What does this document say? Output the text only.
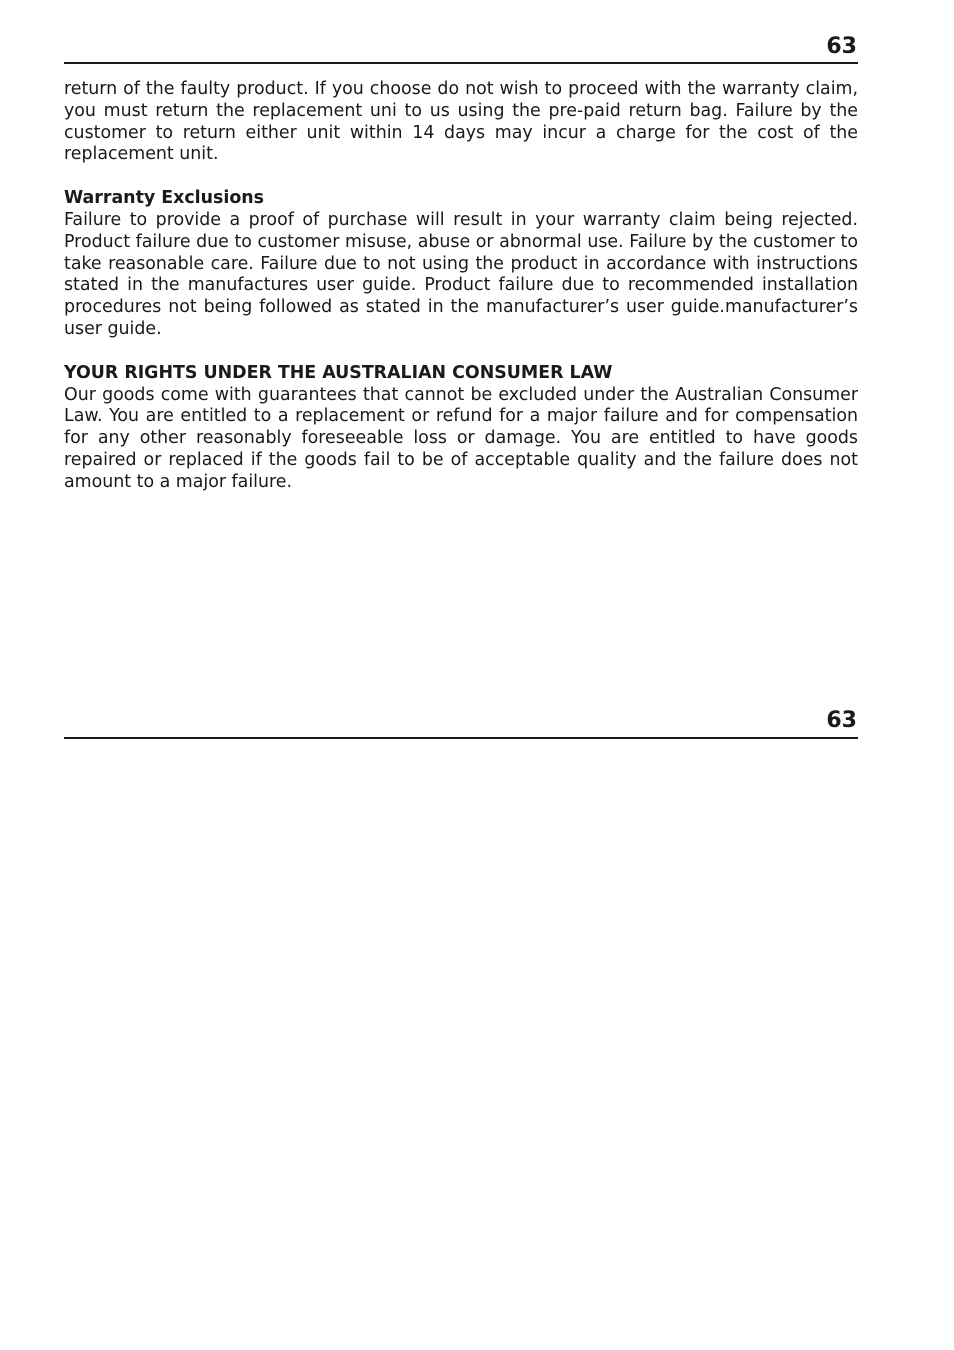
63

return of the faulty product. If you choose do not wish to proceed with the warranty claim, you must return the replacement uni to us using the pre-paid return bag. Failure by the customer to return either unit within 14 days may incur a charge for the cost of the replacement unit.

Warranty Exclusions

Failure to provide a proof of purchase will result in your warranty claim being rejected. Product failure due to customer misuse, abuse or abnormal use. Failure by the customer to take reasonable care. Failure due to not using the product in accordance with instructions stated in the manufactures user guide. Product failure due to recommended installation procedures not being followed as stated in the manufacturer’s user guide.manufacturer’s user guide.

YOUR RIGHTS UNDER THE AUSTRALIAN CONSUMER LAW

Our goods come with guarantees that cannot be excluded under the Australian Consumer Law. You are entitled to a replacement or refund for a major failure and for compensation for any other reasonably foreseeable loss or damage. You are entitled to have goods repaired or replaced if the goods fail to be of acceptable quality and the failure does not amount to a major failure.

63
